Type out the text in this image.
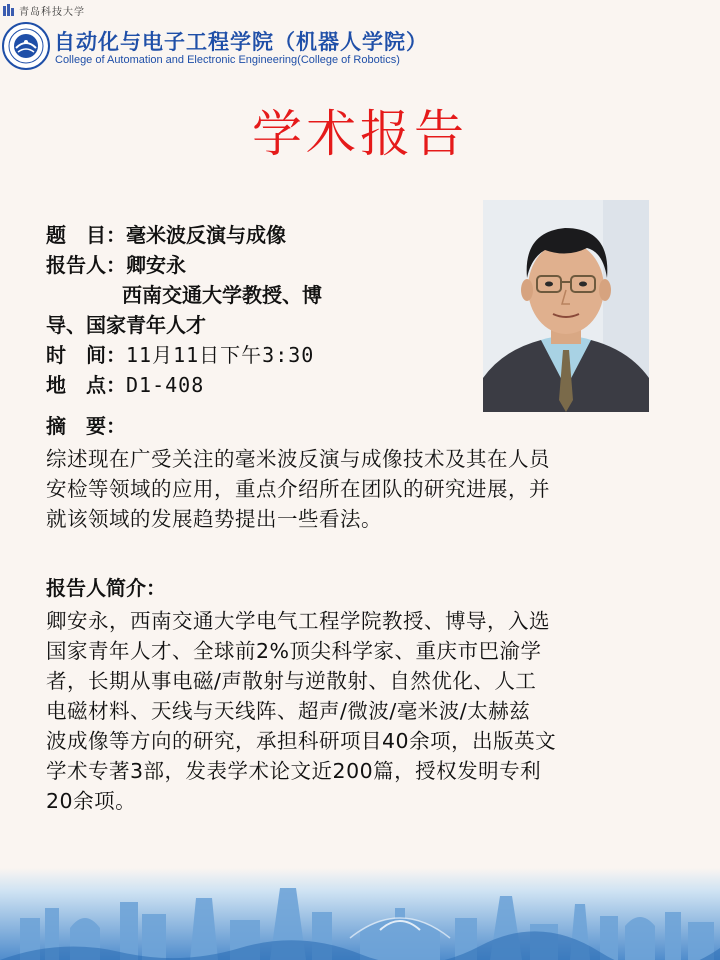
青岛科技大学
自动化与电子工程学院（机器人学院）
College of Automation and Electronic Engineering(College of Robotics)
学术报告
题　目：毫米波反演与成像
报告人：卿安永
西南交通大学教授、博
导、国家青年人才
时　间：11月11日下午3:30
地　点：D1-408
摘　要：
综述现在广受关注的毫米波反演与成像技术及其在人员
安检等领域的应用，重点介绍所在团队的研究进展，并
就该领域的发展趋势提出一些看法。
报告人简介：
卿安永，西南交通大学电气工程学院教授、博导，入选
国家青年人才、全球前2%顶尖科学家、重庆市巴渝学
者，长期从事电磁/声散射与逆散射、自然优化、人工
电磁材料、天线与天线阵、超声/微波/毫米波/太赫兹
波成像等方向的研究，承担科研项目40余项，出版英文
学术专著3部，发表学术论文近200篇，授权发明专利
20余项。
